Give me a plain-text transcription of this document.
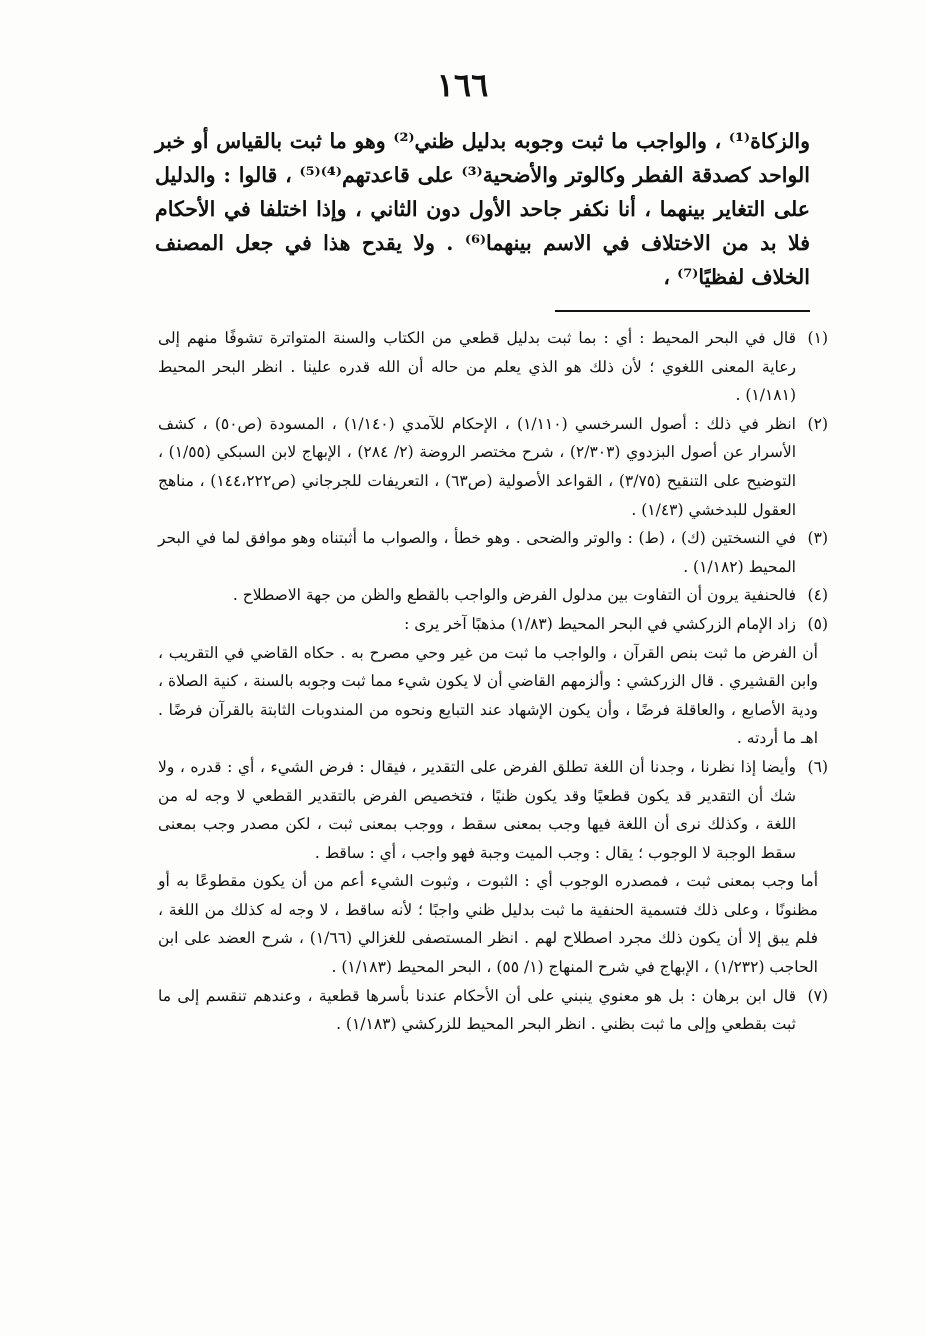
١٦٦
والزكاة⁽¹⁾ ، والواجب ما ثبت وجوبه بدليل ظني⁽²⁾ وهو ما ثبت بالقياس أو خبر الواحد كصدقة الفطر وكالوتر والأضحية⁽³⁾ على قاعدتهم⁽⁴⁾⁽⁵⁾ ، قالوا : والدليل على التغاير بينهما ، أنا نكفر جاحد الأول دون الثاني ، وإذا اختلفا في الأحكام فلا بد من الاختلاف في الاسم بينهما⁽⁶⁾ . ولا يقدح هذا في جعل المصنف الخلاف لفظيًا⁽⁷⁾ ،
(١)
قال في البحر المحيط : أي : بما ثبت بدليل قطعي من الكتاب والسنة المتواترة تشوفًا منهم إلى رعاية المعنى اللغوي ؛ لأن ذلك هو الذي يعلم من حاله أن الله قدره علينا . انظر البحر المحيط (١/١٨١) .
(٢)
انظر في ذلك : أصول السرخسي (١/١١٠) ، الإحكام للآمدي (١/١٤٠) ، المسودة (ص٥٠) ، كشف الأسرار عن أصول البزدوي (٢/٣٠٣) ، شرح مختصر الروضة (٢/ ٢٨٤) ، الإبهاج لابن السبكي (١/٥٥) ، التوضيح على التنقيح (٣/٧٥) ، القواعد الأصولية (ص٦٣) ، التعريفات للجرجاني (ص١٤٤،٢٢٢) ، مناهج العقول للبدخشي (١/٤٣) .
(٣)
في النسختين (ك) ، (ط) : والوتر والضحى . وهو خطأ ، والصواب ما أثبتناه وهو موافق لما في البحر المحيط (١/١٨٢) .
(٤)
فالحنفية يرون أن التفاوت بين مدلول الفرض والواجب بالقطع والظن من جهة الاصطلاح .
(٥)
زاد الإمام الزركشي في البحر المحيط (١/٨٣) مذهبًا آخر يرى :
أن الفرض ما ثبت بنص القرآن ، والواجب ما ثبت من غير وحي مصرح به . حكاه القاضي في التقريب ، وابن القشيري . قال الزركشي : وألزمهم القاضي أن لا يكون شيء مما ثبت وجوبه بالسنة ، كنية الصلاة ، ودية الأصابع ، والعاقلة فرضًا ، وأن يكون الإشهاد عند التبايع ونحوه من المندوبات الثابتة بالقرآن فرضًا . اهـ ما أردته .
(٦)
وأيضا إذا نظرنا ، وجدنا أن اللغة تطلق الفرض على التقدير ، فيقال : فرض الشيء ، أي : قدره ، ولا شك أن التقدير قد يكون قطعيًا وقد يكون ظنيًا ، فتخصيص الفرض بالتقدير القطعي لا وجه له من اللغة ، وكذلك نرى أن اللغة فيها وجب بمعنى سقط ، ووجب بمعنى ثبت ، لكن مصدر وجب بمعنى سقط الوجبة لا الوجوب ؛ يقال : وجب الميت وجبة فهو واجب ، أي : ساقط .
أما وجب بمعنى ثبت ، فمصدره الوجوب أي : الثبوت ، وثبوت الشيء أعم من أن يكون مقطوعًا به أو مظنونًا ، وعلى ذلك فتسمية الحنفية ما ثبت بدليل ظني واجبًا ؛ لأنه ساقط ، لا وجه له كذلك من اللغة ، فلم يبق إلا أن يكون ذلك مجرد اصطلاح لهم . انظر المستصفى للغزالي (١/٦٦) ، شرح العضد على ابن الحاجب (١/٢٣٢) ، الإبهاج في شرح المنهاج (١/ ٥٥) ، البحر المحيط (١/١٨٣) .
(٧)
قال ابن برهان : بل هو معنوي ينبني على أن الأحكام عندنا بأسرها قطعية ، وعندهم تنقسم إلى ما ثبت بقطعي وإلى ما ثبت بظني . انظر البحر المحيط للزركشي (١/١٨٣) .
